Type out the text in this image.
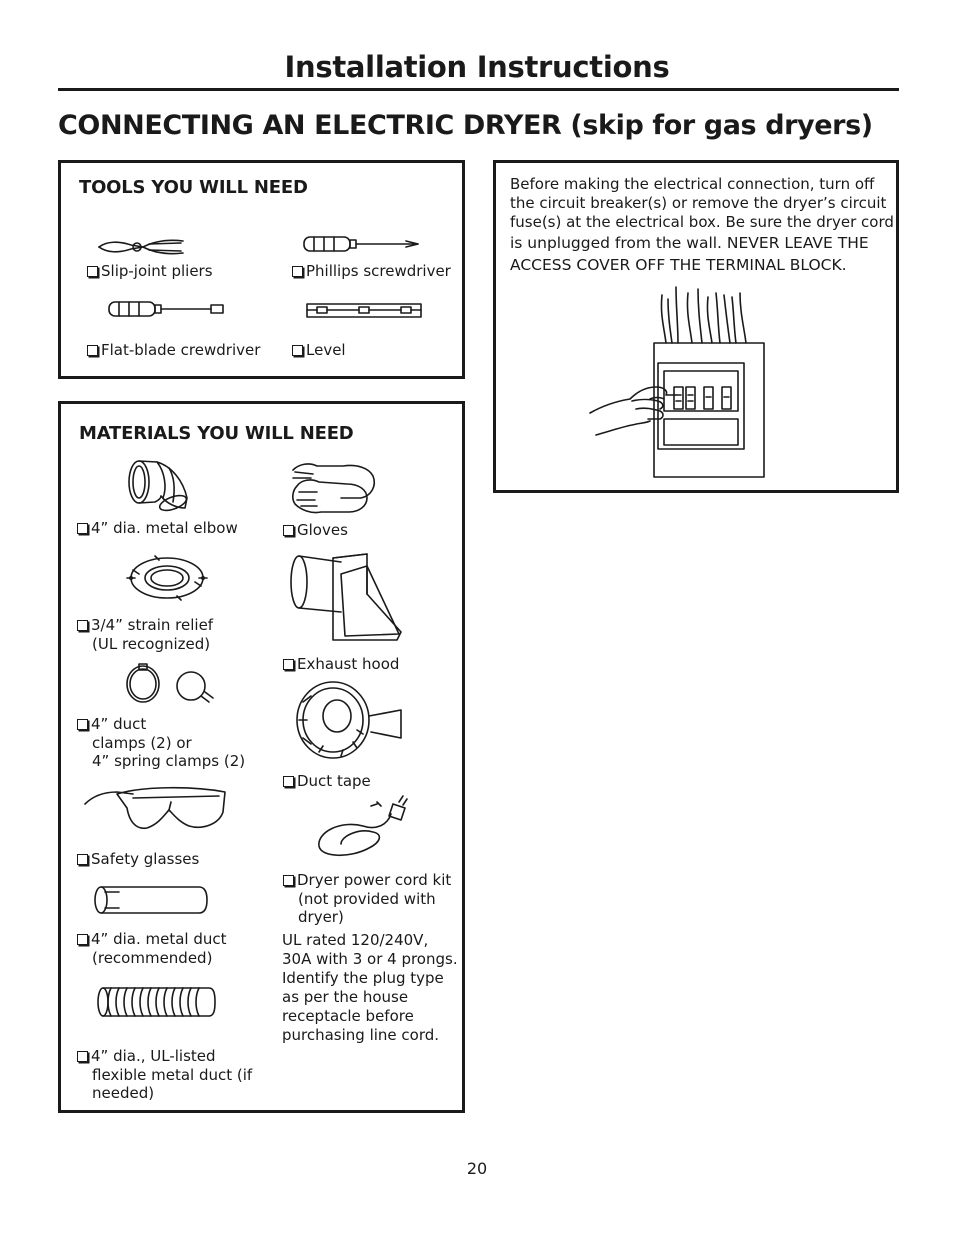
Installation Instructions
CONNECTING AN ELECTRIC DRYER (skip for gas dryers)
TOOLS YOU WILL NEED
Slip-joint pliers	Phillips screwdriver
Flat-blade crewdriver	Level
MATERIALS YOU WILL NEED
4” dia. metal elbow
3/4” strain relief
(UL recognized)
4” duct
clamps (2) or
4” spring clamps (2)
Safety glasses
4” dia. metal duct
(recommended)
4” dia., UL-listed
flexible metal duct (if
needed)
Gloves
Exhaust hood
Duct tape
Dryer power cord kit
(not provided with
dryer)
UL rated 120/240V,
30A with 3 or 4 prongs.
Identify the plug type
as per the house
receptacle before
purchasing line cord.
Before making the electrical connection, turn off
the circuit breaker(s) or remove the dryer’s circuit
fuse(s) at the electrical box. Be sure the dryer cord
is unplugged from the wall. NEVER LEAVE THE
ACCESS COVER OFF THE TERMINAL BLOCK.
20
